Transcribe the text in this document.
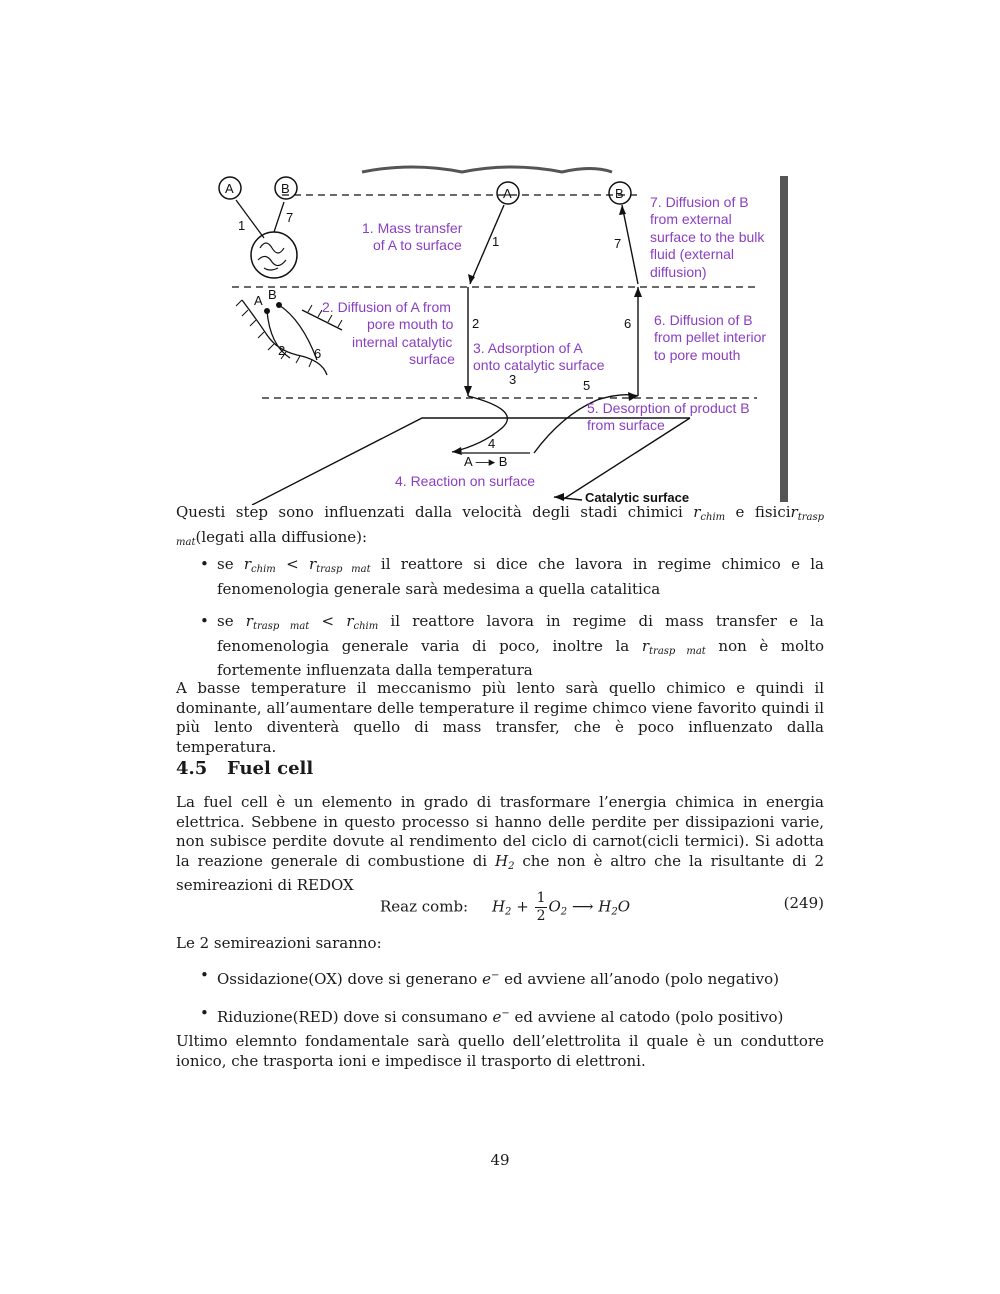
A	B
1
7
A B
2 6
A	B
1	7
2	6
3
4
A —▸ B
5
1. Mass transfer of A to surface
2. Diffusion of A from pore mouth to internal catalytic surface
3. Adsorption of A onto catalytic surface
4. Reaction on surface
5. Desorption of product B from surface
6. Diffusion of B from pellet interior to pore mouth
7. Diffusion of B from external surface to the bulk fluid (external diffusion)
Catalytic surface
Questi step sono influenzati dalla velocità degli stadi chimici $r_{chim}$ e fisicir$_{trasp mat}$(legati alla diffusione):
• se $r_{chim} < r_{trasp mat}$ il reattore si dice che lavora in regime chimico e la fenomenologia generale sarà medesima a quella catalitica
• se $r_{trasp mat} < r_{chim}$ il reattore lavora in regime di mass transfer e la fenomenologia generale varia di poco, inoltre la $r_{trasp mat}$ non è molto fortemente influenzata dalla temperatura
A basse temperature il meccanismo più lento sarà quello chimico e quindi il dominante, all’aumentare delle temperature il regime chimco viene favorito quindi il più lento diventerà quello di mass transfer, che è poco influenzato dalla temperatura.
4.5 Fuel cell
La fuel cell è un elemento in grado di trasformare l’energia chimica in energia elettrica. Sebbene in questo processo si hanno delle perdite per dissipazioni varie, non subisce perdite dovute al rendimento del ciclo di carnot(cicli termici). Si adotta la reazione generale di combustione di $H_2$ che non è altro che la risultante di 2 semireazioni di REDOX
Reaz comb: $H_2 + \frac{1}{2}O_2$ ⟶ $H_2O$	(249)
Le 2 semireazioni saranno:
• Ossidazione(OX) dove si generano e− ed avviene all’anodo (polo negativo)
• Riduzione(RED) dove si consumano e− ed avviene al catodo (polo positivo)
Ultimo elemnto fondamentale sarà quello dell’elettrolita il quale è un conduttore ionico, che trasporta ioni e impedisce il trasporto di elettroni.
49
